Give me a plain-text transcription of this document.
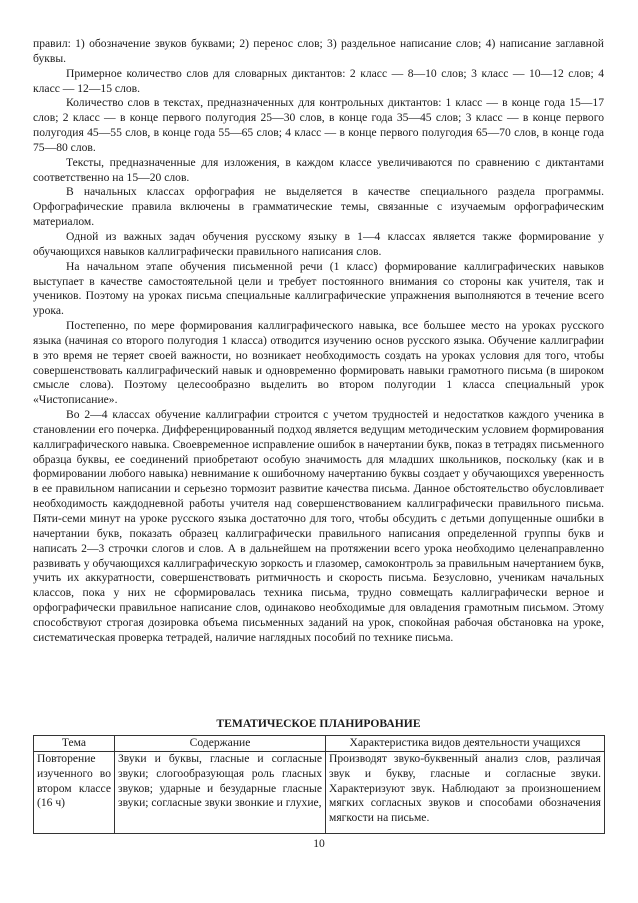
правил: 1) обозначение звуков буквами; 2) перенос слов; 3) раздельное написание слов; 4) написание заглавной буквы.

Примерное количество слов для словарных диктантов: 2 класс — 8—10 слов; 3 класс — 10—12 слов; 4 класс — 12—15 слов.

Количество слов в текстах, предназначенных для контрольных диктантов: 1 класс — в конце года 15—17 слов; 2 класс — в конце первого полугодия 25—30 слов, в конце года 35—45 слов; 3 класс — в конце первого полугодия 45—55 слов, в конце года 55—65 слов; 4 класс — в конце первого полугодия 65—70 слов, в конце года 75—80 слов.

Тексты, предназначенные для изложения, в каждом классе увеличиваются по сравнению с диктантами соответственно на 15—20 слов.

В начальных классах орфография не выделяется в качестве специального раздела программы. Орфографические правила включены в грамматические темы, связанные с изучаемым орфографическим материалом.

Одной из важных задач обучения русскому языку в 1—4 классах является также формирование у обучающихся навыков каллиграфически правильного написания слов.

На начальном этапе обучения письменной речи (1 класс) формирование каллиграфических навыков выступает в качестве самостоятельной цели и требует постоянного внимания со стороны как учителя, так и учеников. Поэтому на уроках письма специальные каллиграфические упражнения выполняются в течение всего урока.

Постепенно, по мере формирования каллиграфического навыка, все большее место на уроках русского языка (начиная со второго полугодия 1 класса) отводится изучению основ русского языка. Обучение каллиграфии в это время не теряет своей важности, но возникает необходимость создать на уроках условия для того, чтобы совершенствовать каллиграфический навык и одновременно формировать навыки грамотного письма (в широком смысле слова). Поэтому целесообразно выделить во втором полугодии 1 класса специальный урок «Чистописание».

Во 2—4 классах обучение каллиграфии строится с учетом трудностей и недостатков каждого ученика в становлении его почерка. Дифференцированный подход является ведущим методическим условием формирования каллиграфического навыка. Своевременное исправление ошибок в начертании букв, показ в тетрадях письменного образца буквы, ее соединений приобретают особую значимость для младших школьников, поскольку (как и в формировании любого навыка) невнимание к ошибочному начертанию буквы создает у обучающихся уверенность в ее правильном написании и серьезно тормозит развитие качества письма. Данное обстоятельство обусловливает необходимость каждодневной работы учителя над совершенствованием каллиграфически правильного письма. Пяти-семи минут на уроке русского языка достаточно для того, чтобы обсудить с детьми допущенные ошибки в начертании букв, показать образец каллиграфически правильного написания определенной группы букв и написать 2—3 строчки слогов и слов. А в дальнейшем на протяжении всего урока необходимо целенаправленно развивать у обучающихся каллиграфическую зоркость и глазомер, самоконтроль за правильным начертанием букв, учить их аккуратности, совершенствовать ритмичность и скорость письма. Безусловно, ученикам начальных классов, пока у них не сформировалась техника письма, трудно совмещать каллиграфически верное и орфографически правильное написание слов, одинаково необходимые для овладения грамотным письмом. Этому способствуют строгая дозировка объема письменных заданий на урок, спокойная рабочая обстановка на уроке, систематическая проверка тетрадей, наличие наглядных пособий по технике письма.

ТЕМАТИЧЕСКОЕ ПЛАНИРОВАНИЕ
Тема	Содержание	Характеристика видов деятельности учащихся

Повторение изученного во втором классе (16 ч)	Звуки и буквы, гласные и согласные звуки; слогообразующая роль гласных звуков; ударные и безударные гласные звуки; согласные звуки звонкие и глухие,	Производят звуко-буквенный анализ слов, различая звук и букву, гласные и согласные звуки. Характеризуют звук. Наблюдают за произношением мягких согласных звуков и способами обозначения мягкости на письме.
10
